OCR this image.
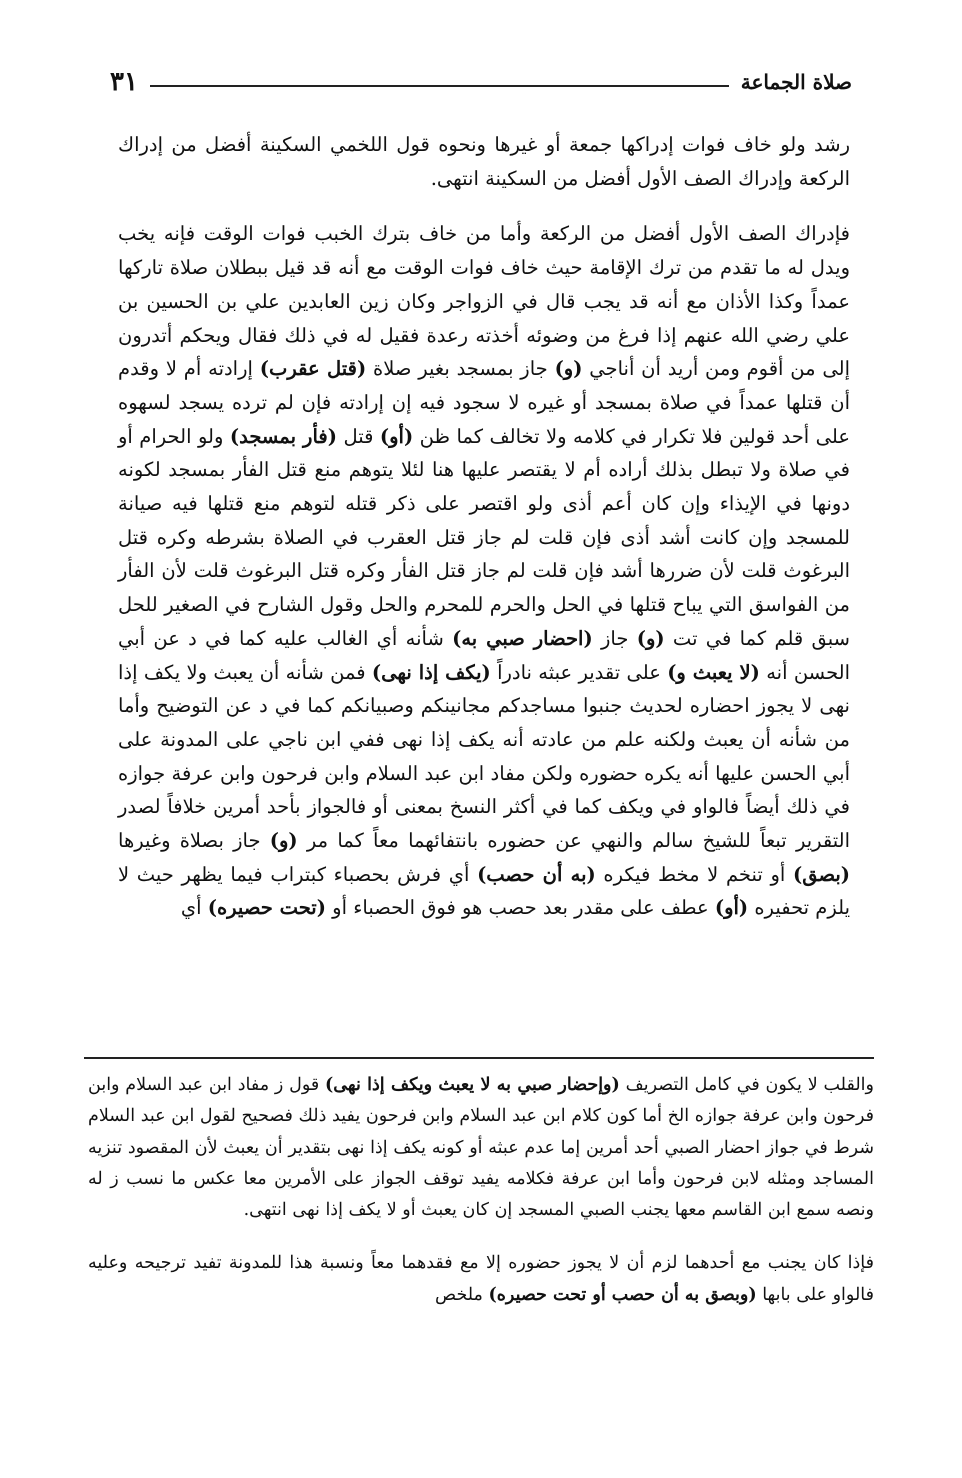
صلاة الجماعة
٣١

رشد ولو خاف فوات إدراكها جمعة أو غيرها ونحوه قول اللخمي السكينة أفضل من إدراك الركعة وإدراك الصف الأول أفضل من السكينة انتهى.

فإدراك الصف الأول أفضل من الركعة وأما من خاف بترك الخبب فوات الوقت فإنه يخب ويدل له ما تقدم من ترك الإقامة حيث خاف فوات الوقت مع أنه قد قيل ببطلان صلاة تاركها عمداً وكذا الأذان مع أنه قد يجب قال في الزواجر وكان زين العابدين علي بن الحسين بن علي رضي الله عنهم إذا فرغ من وضوئه أخذته رعدة فقيل له في ذلك فقال ويحكم أتدرون إلى من أقوم ومن أريد أن أناجي (و) جاز بمسجد بغير صلاة (قتل عقرب) إرادته أم لا وقدم أن قتلها عمداً في صلاة بمسجد أو غيره لا سجود فيه إن إرادته فإن لم ترده يسجد لسهوه على أحد قولين فلا تكرار في كلامه ولا تخالف كما ظن (أو) قتل (فأر بمسجد) ولو الحرام أو في صلاة ولا تبطل بذلك أراده أم لا يقتصر عليها هنا لئلا يتوهم منع قتل الفأر بمسجد لكونه دونها في الإيذاء وإن كان أعم أذى ولو اقتصر على ذكر قتله لتوهم منع قتلها فيه صيانة للمسجد وإن كانت أشد أذى فإن قلت لم جاز قتل العقرب في الصلاة بشرطه وكره قتل البرغوث قلت لأن ضررها أشد فإن قلت لم جاز قتل الفأر وكره قتل البرغوث قلت لأن الفأر من الفواسق التي يباح قتلها في الحل والحرم للمحرم والحل وقول الشارح في الصغير للحل سبق قلم كما في تت (و) جاز (احضار صبي به) شأنه أي الغالب عليه كما في د عن أبي الحسن أنه (لا يعبث و) على تقدير عبثه نادراً (يكف إذا نهى) فمن شأنه أن يعبث ولا يكف إذا نهى لا يجوز احضاره لحديث جنبوا مساجدكم مجانينكم وصبيانكم كما في د عن التوضيح وأما من شأنه أن يعبث ولكنه علم من عادته أنه يكف إذا نهى ففي ابن ناجي على المدونة على أبي الحسن عليها أنه يكره حضوره ولكن مفاد ابن عبد السلام وابن فرحون وابن عرفة جوازه في ذلك أيضاً فالواو في ويكف كما في أكثر النسخ بمعنى أو فالجواز بأحد أمرين خلافاً لصدر التقرير تبعاً للشيخ سالم والنهي عن حضوره بانتفائهما معاً كما مر (و) جاز بصلاة وغيرها (بصق) أو تنخم لا مخط فيكره (به أن حصب) أي فرش بحصباء كبتراب فيما يظهر حيث لا يلزم تحفيره (أو) عطف على مقدر بعد حصب هو فوق الحصباء أو (تحت حصيره) أي

والقلب لا يكون في كامل التصريف (وإحضار صبي به لا يعبث ويكف إذا نهى) قول ز مفاد ابن عبد السلام وابن فرحون وابن عرفة جوازه الخ أما كون كلام ابن عبد السلام وابن فرحون يفيد ذلك فصحيح لقول ابن عبد السلام شرط في جواز احضار الصبي أحد أمرين إما عدم عبثه أو كونه يكف إذا نهى بتقدير أن يعبث لأن المقصود تنزيه المساجد ومثله لابن فرحون وأما ابن عرفة فكلامه يفيد توقف الجواز على الأمرين معا عكس ما نسب ز له ونصه سمع ابن القاسم معها يجنب الصبي المسجد إن كان يعبث أو لا يكف إذا نهى انتهى.

فإذا كان يجنب مع أحدهما لزم أن لا يجوز حضوره إلا مع فقدهما معاً ونسبة هذا للمدونة تفيد ترجيحه وعليه فالواو على بابها (وبصق به أن حصب أو تحت حصيره) ملخص
